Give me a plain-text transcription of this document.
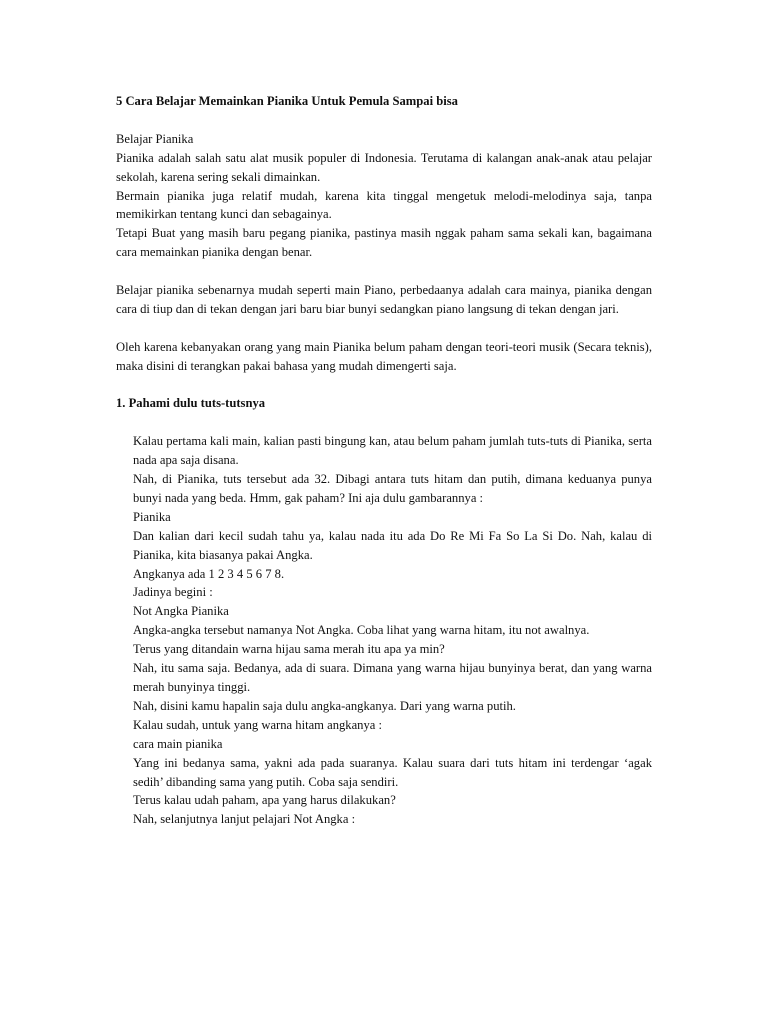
5 Cara Belajar Memainkan Pianika Untuk Pemula Sampai bisa

Belajar Pianika

Pianika adalah salah satu alat musik populer di Indonesia. Terutama di kalangan anak-anak atau pelajar sekolah, karena sering sekali dimainkan.

Bermain pianika juga relatif mudah, karena kita tinggal mengetuk melodi-melodinya saja, tanpa memikirkan tentang kunci dan sebagainya.

Tetapi Buat yang masih baru pegang pianika, pastinya masih nggak paham sama sekali kan, bagaimana cara memainkan pianika dengan benar.

Belajar pianika sebenarnya mudah seperti main Piano, perbedaanya adalah cara mainya, pianika dengan cara di tiup dan di tekan dengan jari baru biar bunyi sedangkan piano langsung di tekan dengan jari.

Oleh karena kebanyakan orang yang main Pianika belum paham dengan teori-teori musik (Secara teknis), maka disini di terangkan pakai bahasa yang mudah dimengerti saja.

1. Pahami dulu tuts-tutsnya

Kalau pertama kali main, kalian pasti bingung kan, atau belum paham jumlah tuts-tuts di Pianika, serta nada apa saja disana.

Nah, di Pianika, tuts tersebut ada 32. Dibagi antara tuts hitam dan putih, dimana keduanya punya bunyi nada yang beda. Hmm, gak paham? Ini aja dulu gambarannya :

Pianika

Dan kalian dari kecil sudah tahu ya, kalau nada itu ada Do Re Mi Fa So La Si Do. Nah, kalau di Pianika, kita biasanya pakai Angka.

Angkanya ada 1 2 3 4 5 6 7 8.

Jadinya begini :

Not Angka Pianika

Angka-angka tersebut namanya Not Angka. Coba lihat yang warna hitam, itu not awalnya.

Terus yang ditandain warna hijau sama merah itu apa ya min?

Nah, itu sama saja. Bedanya, ada di suara. Dimana yang warna hijau bunyinya berat, dan yang warna merah bunyinya tinggi.

Nah, disini kamu hapalin saja dulu angka-angkanya. Dari yang warna putih.

Kalau sudah, untuk yang warna hitam angkanya :

cara main pianika

Yang ini bedanya sama, yakni ada pada suaranya. Kalau suara dari tuts hitam ini terdengar ‘agak sedih’ dibanding sama yang putih. Coba saja sendiri.

Terus kalau udah paham, apa yang harus dilakukan?

Nah, selanjutnya lanjut pelajari Not Angka :
